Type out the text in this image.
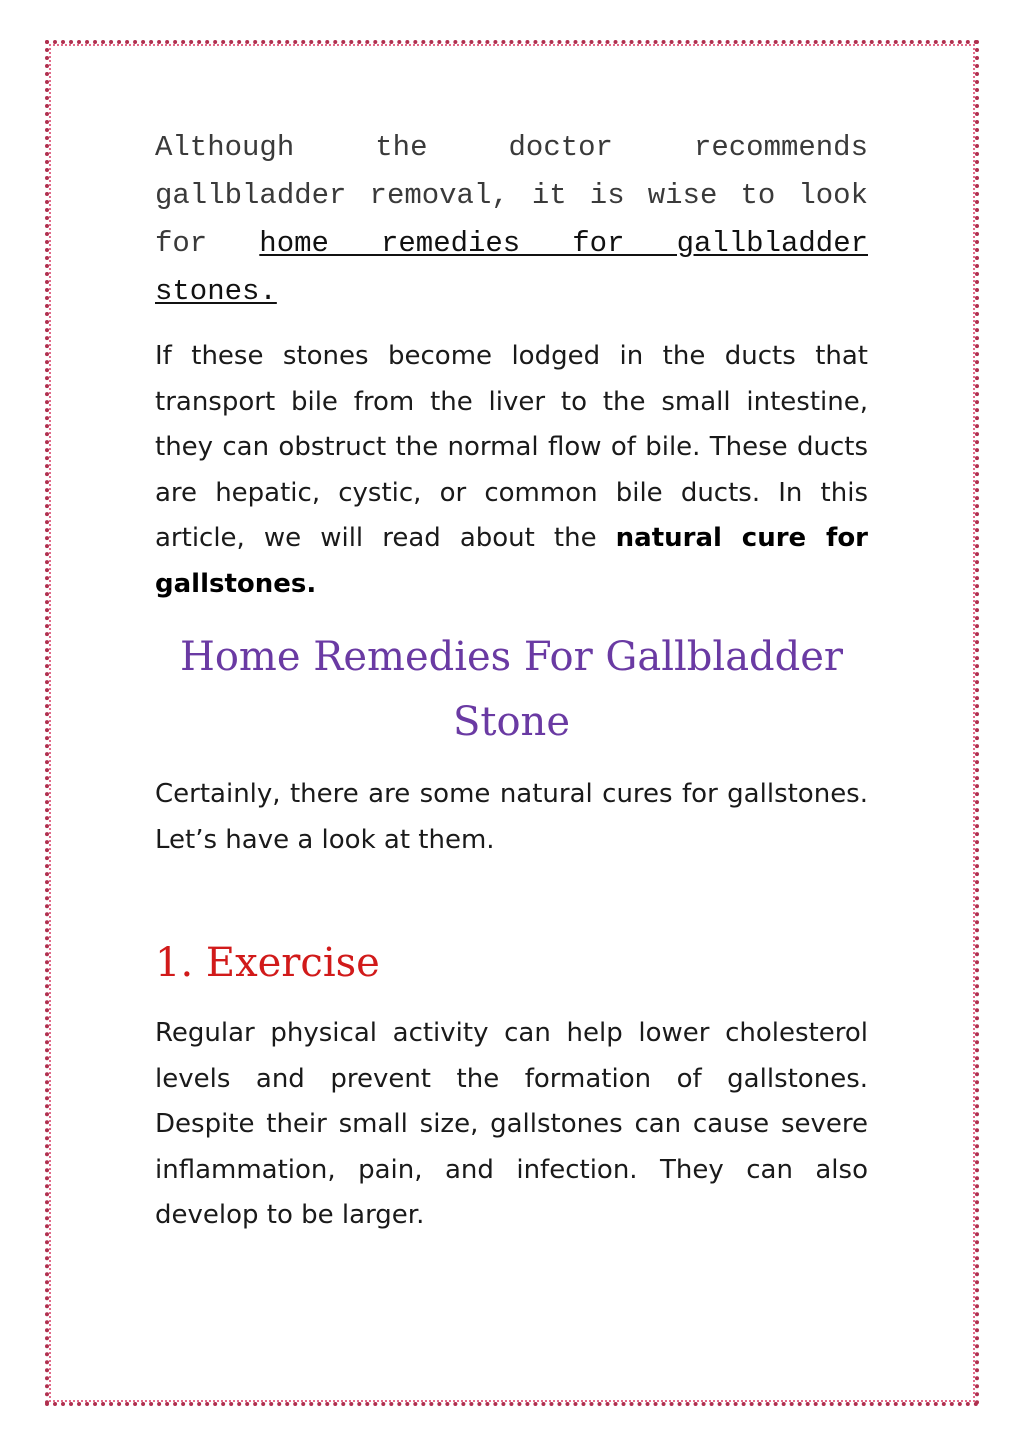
Although the doctor recommends gallbladder removal, it is wise to look for home remedies for gallbladder stones.

If these stones become lodged in the ducts that transport bile from the liver to the small intestine, they can obstruct the normal flow of bile. These ducts are hepatic, cystic, or common bile ducts. In this article, we will read about the natural cure for gallstones.

Home Remedies For Gallbladder Stone

Certainly, there are some natural cures for gallstones. Let’s have a look at them.

1. Exercise

Regular physical activity can help lower cholesterol levels and prevent the formation of gallstones. Despite their small size, gallstones can cause severe inflammation, pain, and infection. They can also develop to be larger.
